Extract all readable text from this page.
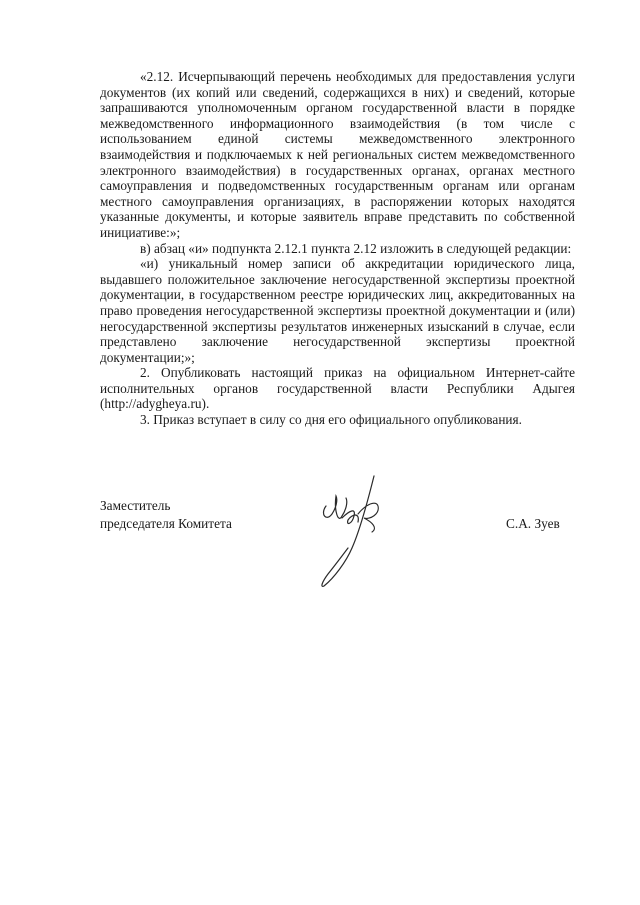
«2.12. Исчерпывающий перечень необходимых для предоставления услуги документов (их копий или сведений, содержащихся в них) и сведений, которые запрашиваются уполномоченным органом государственной власти в порядке межведомственного информационного взаимодействия (в том числе с использованием единой системы межведомственного электронного взаимодействия и подключаемых к ней региональных систем межведомственного электронного взаимодействия) в государственных органах, органах местного самоуправления и подведомственных государственным органам или органам местного самоуправления организациях, в распоряжении которых находятся указанные документы, и которые заявитель вправе представить по собственной инициативе:»;

в) абзац «и» подпункта 2.12.1 пункта 2.12 изложить в следующей редакции:

«и) уникальный номер записи об аккредитации юридического лица, выдавшего положительное заключение негосударственной экспертизы проектной документации, в государственном реестре юридических лиц, аккредитованных на право проведения негосударственной экспертизы проектной документации и (или) негосударственной экспертизы результатов инженерных изысканий в случае, если представлено заключение негосударственной экспертизы проектной документации;»;

2. Опубликовать настоящий приказ на официальном Интернет-сайте исполнительных органов государственной власти Республики Адыгея (http://adygheya.ru).

3. Приказ вступает в силу со дня его официального опубликования.

Заместитель
председателя Комитета	С.А. Зуев
